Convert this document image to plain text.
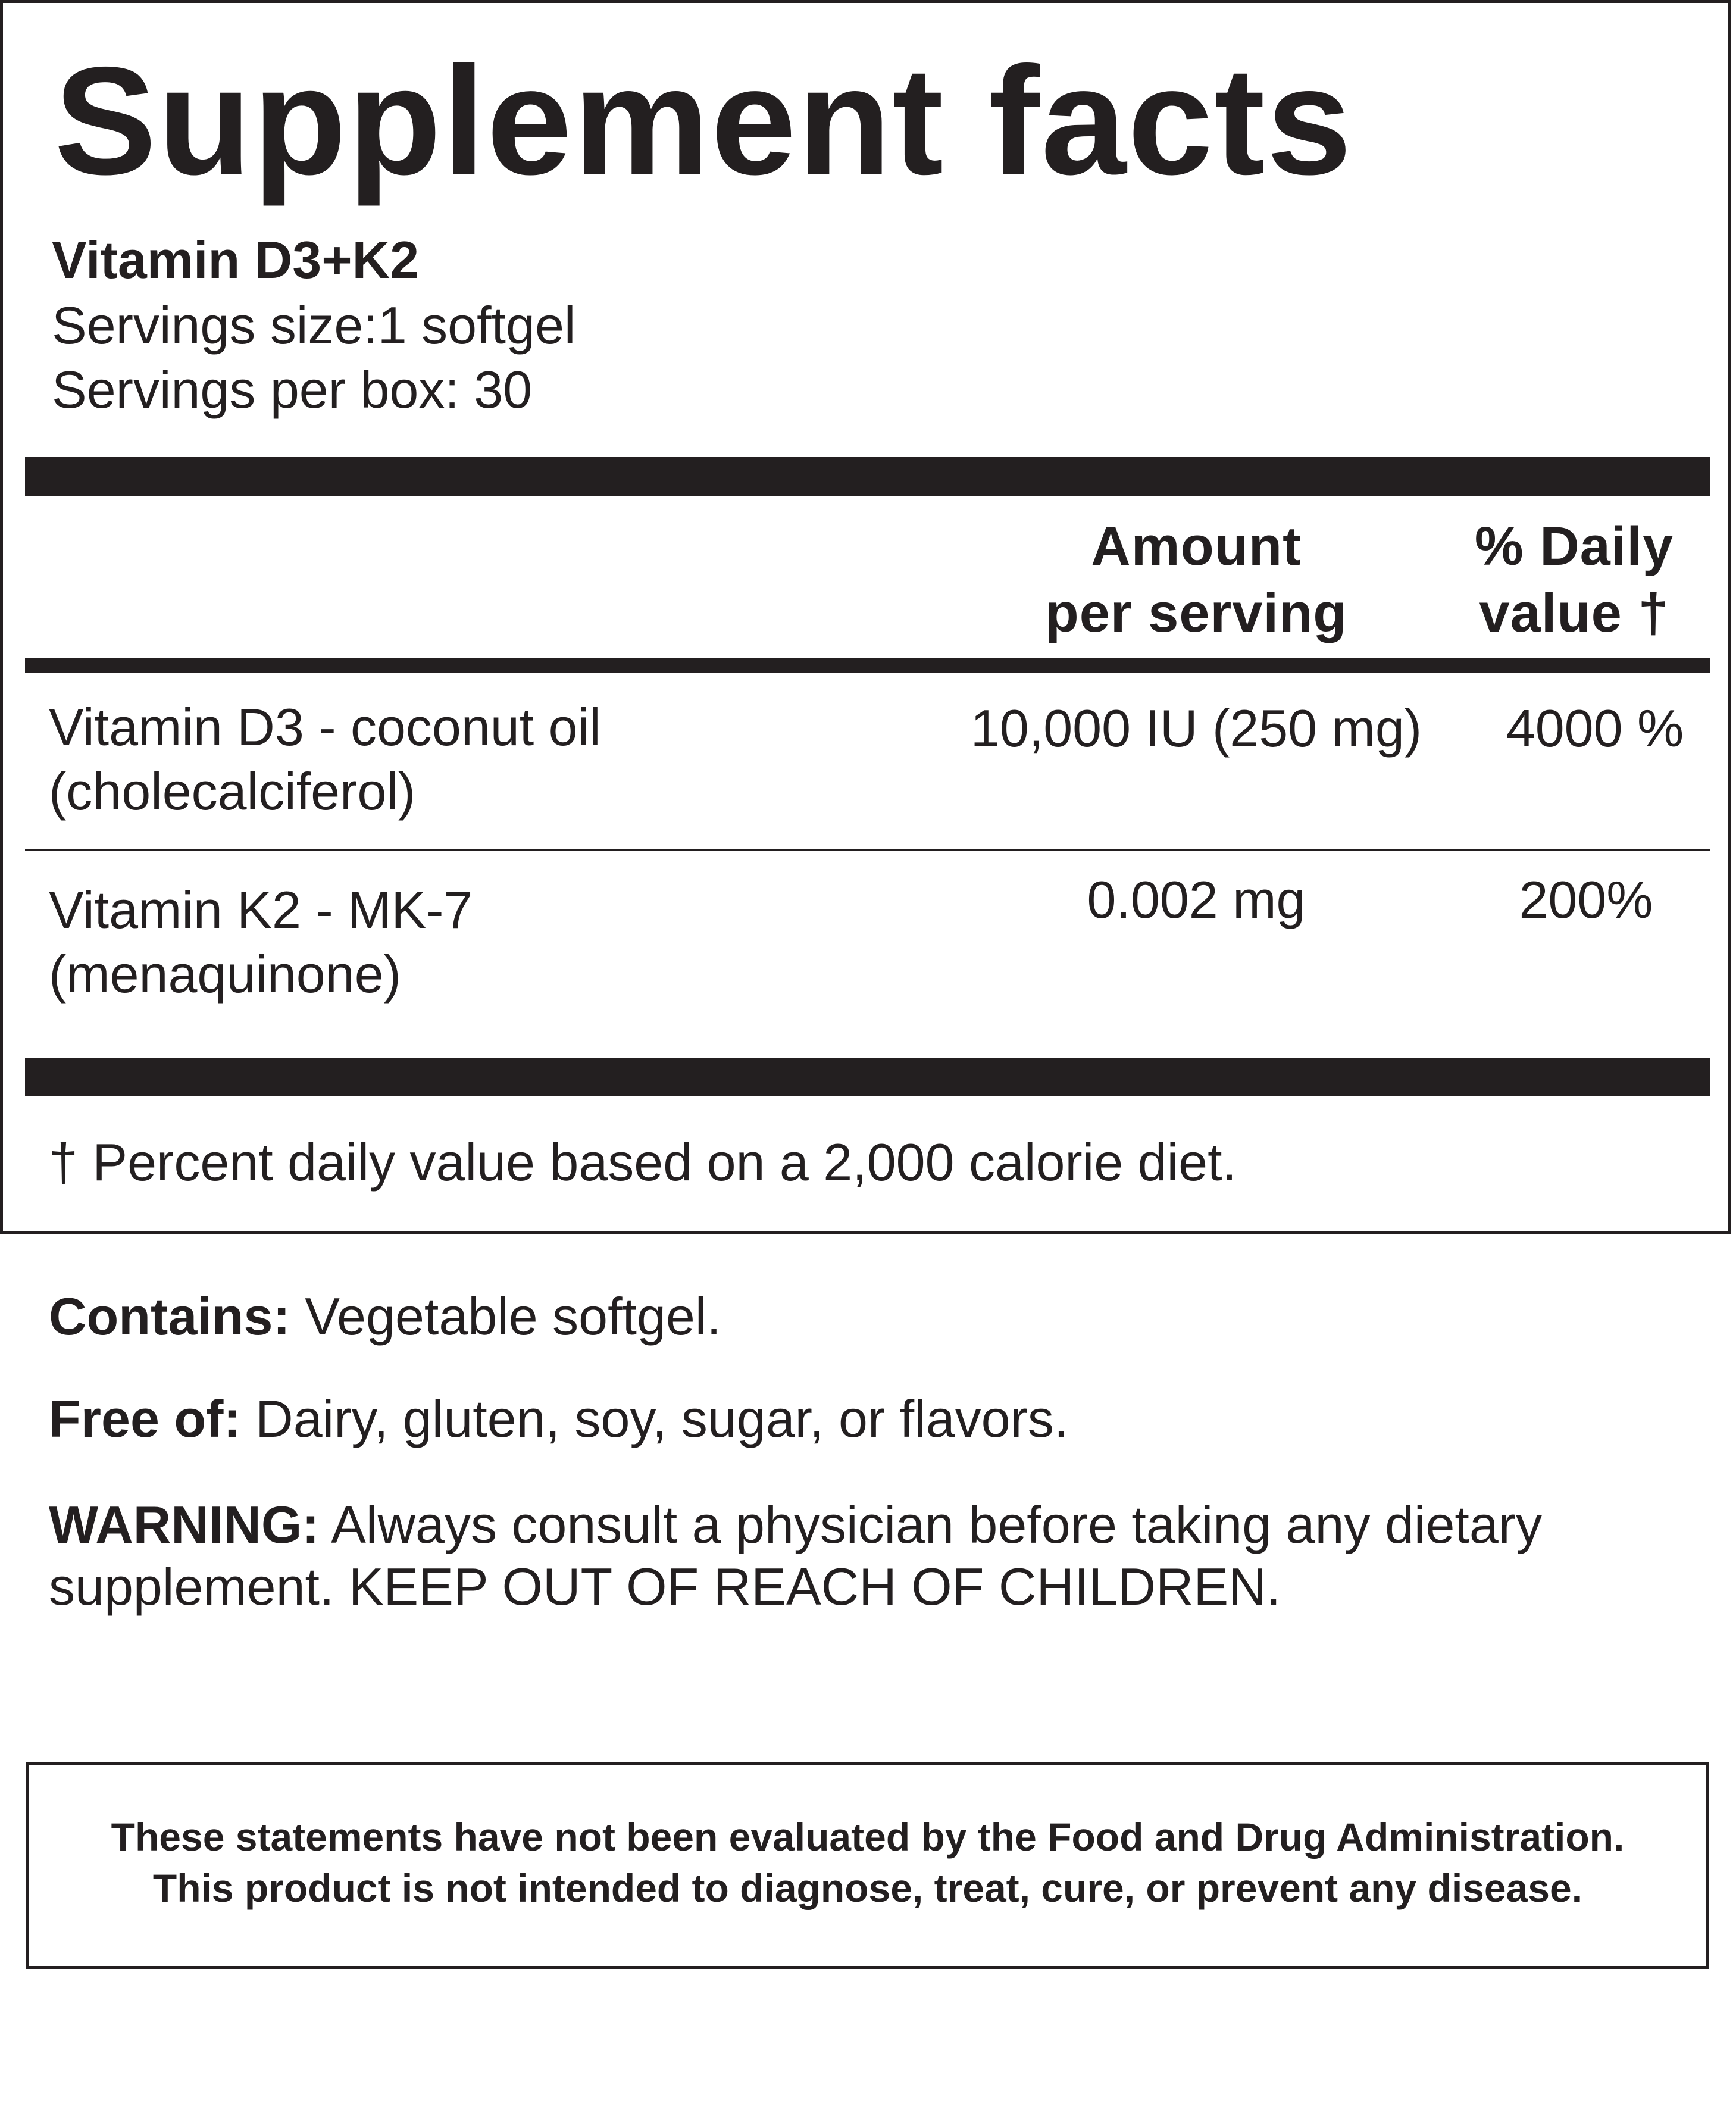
Supplement facts
Vitamin D3+K2
Servings size:1 softgel
Servings per box: 30
Amount
per serving
% Daily
value †
Vitamin D3 - coconut oil
(cholecalciferol)
10,000 IU (250 mg)	4000 %
Vitamin K2 - MK-7
(menaquinone)
0.002 mg	200%
† Percent daily value based on a 2,000 calorie diet.
Contains: Vegetable softgel.
Free of: Dairy, gluten, soy, sugar, or flavors.
WARNING: Always consult a physician before taking any dietary
supplement. KEEP OUT OF REACH OF CHILDREN.
These statements have not been evaluated by the Food and Drug Administration.
This product is not intended to diagnose, treat, cure, or prevent any disease.
